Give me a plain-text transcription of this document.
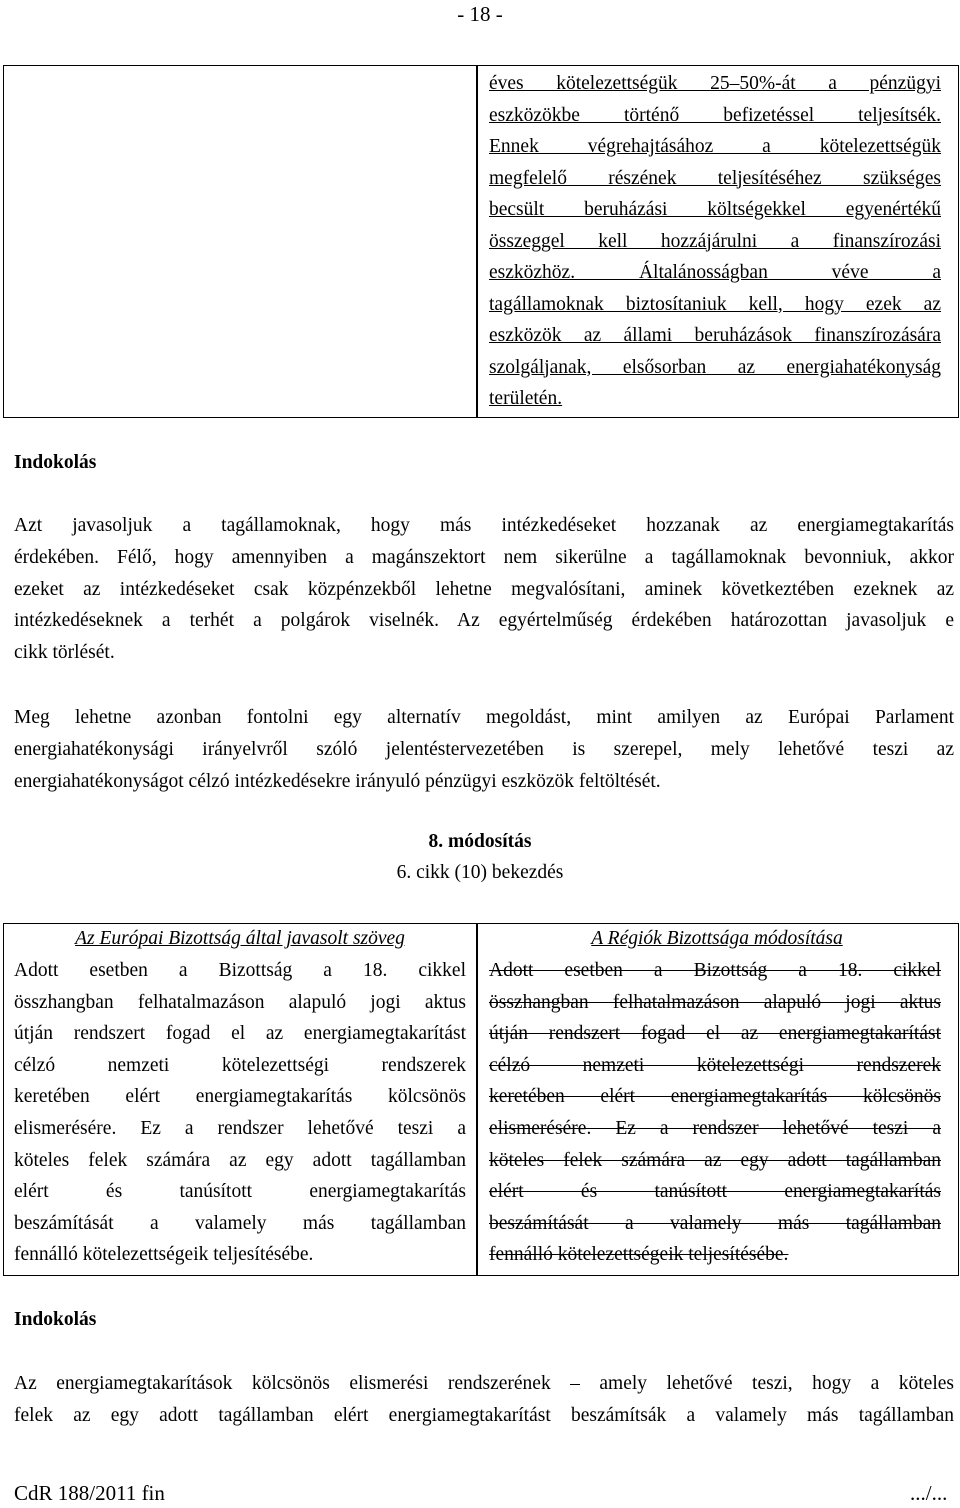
- 18 -
éves kötelezettségük 25–50%-át a pénzügyi
eszközökbe történő befizetéssel teljesítsék.
Ennek végrehajtásához a kötelezettségük
megfelelő részének teljesítéséhez szükséges
becsült beruházási költségekkel egyenértékű
összeggel kell hozzájárulni a finanszírozási
eszközhöz. Általánosságban véve a
tagállamoknak biztosítaniuk kell, hogy ezek az
eszközök az állami beruházások finanszírozására
szolgáljanak, elsősorban az energiahatékonyság
területén.
Indokolás
Azt javasoljuk a tagállamoknak, hogy más intézkedéseket hozzanak az energiamegtakarítás
érdekében. Félő, hogy amennyiben a magánszektort nem sikerülne a tagállamoknak bevonniuk, akkor
ezeket az intézkedéseket csak közpénzekből lehetne megvalósítani, aminek következtében ezeknek az
intézkedéseknek a terhét a polgárok viselnék. Az egyértelműség érdekében határozottan javasoljuk e
cikk törlését.
Meg lehetne azonban fontolni egy alternatív megoldást, mint amilyen az Európai Parlament
energiahatékonysági irányelvről szóló jelentéstervezetében is szerepel, mely lehetővé teszi az
energiahatékonyságot célzó intézkedésekre irányuló pénzügyi eszközök feltöltését.
8. módosítás
6. cikk (10) bekezdés
Az Európai Bizottság által javasolt szöveg	A Régiók Bizottsága módosítása
Adott esetben a Bizottság a 18. cikkel
összhangban felhatalmazáson alapuló jogi aktus
útján rendszert fogad el az energiamegtakarítást
célzó nemzeti kötelezettségi rendszerek
keretében elért energiamegtakarítás kölcsönös
elismerésére. Ez a rendszer lehetővé teszi a
köteles felek számára az egy adott tagállamban
elért és tanúsított energiamegtakarítás
beszámítását a valamely más tagállamban
fennálló kötelezettségeik teljesítésébe.
Adott esetben a Bizottság a 18. cikkel
összhangban felhatalmazáson alapuló jogi aktus
útján rendszert fogad el az energiamegtakarítást
célzó nemzeti kötelezettségi rendszerek
keretében elért energiamegtakarítás kölcsönös
elismerésére. Ez a rendszer lehetővé teszi a
köteles felek számára az egy adott tagállamban
elért és tanúsított energiamegtakarítás
beszámítását a valamely más tagállamban
fennálló kötelezettségeik teljesítésébe.
Indokolás
Az energiamegtakarítások kölcsönös elismerési rendszerének – amely lehetővé teszi, hogy a köteles
felek az egy adott tagállamban elért energiamegtakarítást beszámítsák a valamely más tagállamban
CdR 188/2011 fin	.../...
